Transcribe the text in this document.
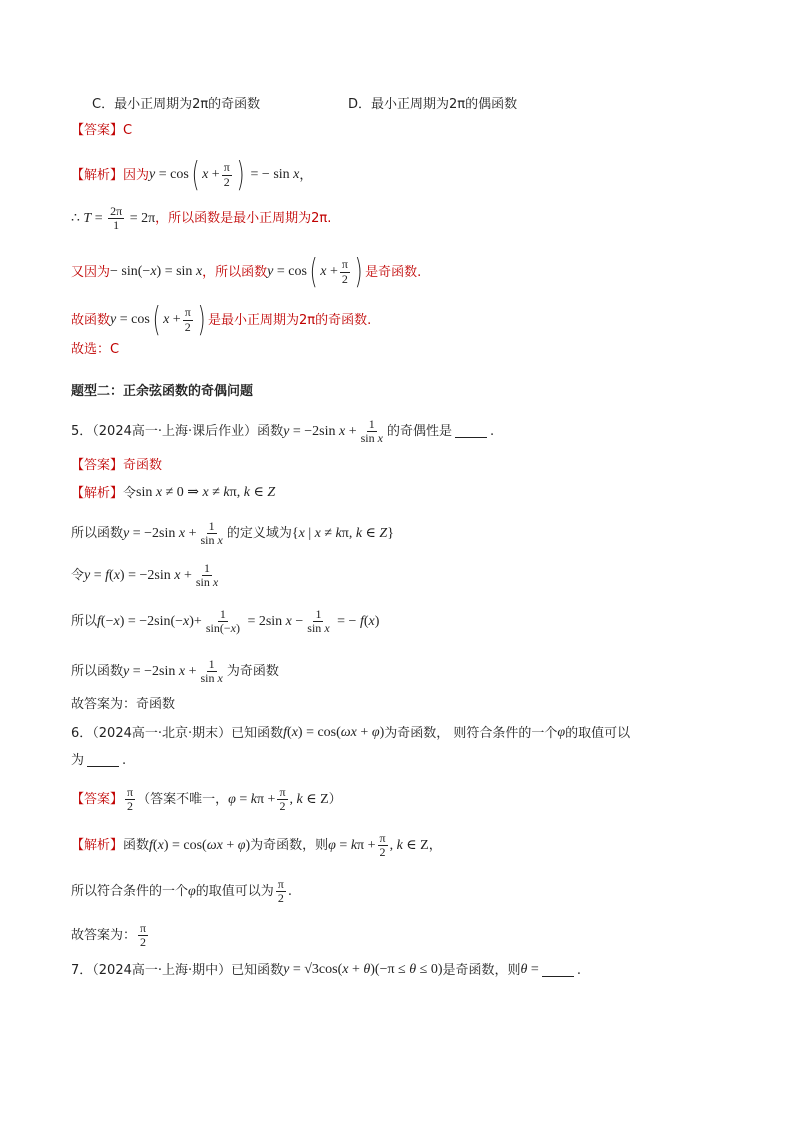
C．最小正周期为2π的奇函数	D．最小正周期为2π的偶函数
【答案】 C
【解析】 因为 y = cos ( $x + \frac{\pi}{2}$ ) = − sin x ，
∴ $T = \frac{2\pi}{1} = 2\pi$ ，所以函数是最小正周期为2π.
又因为 − sin(− x ) = sin x ，所以函数 y = cos ( $x + \frac{\pi}{2}$ ) 是奇函数.
故函数 y = cos ( $x + \frac{\pi}{2}$ ) 是最小正周期为2π的奇函数.
故选：C
题型二：正余弦函数的奇偶问题
5．（2024高一·上海·课后作业）函数 y = −2sin $x + \frac{1}{\text{sin x}}$ 的奇偶性是	.
【答案】 奇函数
【解析】 令 sin x ≠ 0 ⇒ x ≠ k π, k ∈ Z
所以函数 y = −2sin $x + \frac{1}{\text{sin x}}$ 的定义域为 { x | x ≠ k π, k ∈ Z }
令 y = f ( x ) = −2sin $x + \frac{1}{\text{sin x}}$
所以 f (− x ) = −2sin(− x )+ $\frac{1}{\sin(-x)} = 2\sin$ $x - \frac{1}{\text{sin x}}$ = − f ( x )
所以函数 y = −2sin $x + \frac{1}{\text{sin x}}$ 为奇函数
故答案为：奇函数
6．（2024高一·北京·期末）已知函数 f ( x ) = cos( ωx + φ ) 为奇函数， 则符合条件的一个 φ 的取值可以
为	.
【答案】 $\frac{\pi}{2}$ （答案不唯一， φ = k $\pi + \frac{\pi}{2}$ , k ∈ Z ）
【解析】 函数 f ( x ) = cos( ωx + φ ) 为奇函数，则 φ = k $\pi + \frac{\pi}{2}$ , k ∈ Z ，
所以符合条件的一个 φ 的取值可以为 $\frac{\pi}{2}$ .
故答案为： $\frac{\pi}{2}$
7．（2024高一·上海·期中）已知函数 y = √3cos( x + θ )(−π ≤ θ ≤ 0) 是奇函数，则 θ =	.
